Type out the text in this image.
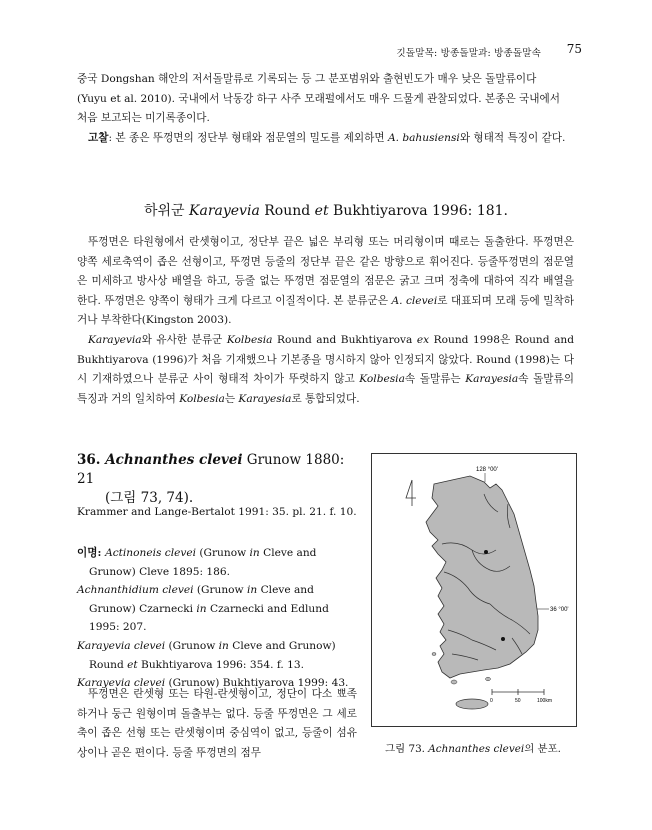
깃돌말목: 방종돌말과: 방종돌말속 75
중국 Dongshan 해안의 저서돌말류로 기록되는 등 그 분포범위와 출현빈도가 매우 낮은 돌말류이다
(Yuyu et al. 2010). 국내에서 낙동강 하구 사주 모래펄에서도 매우 드물게 관찰되었다. 본종은 국내에서
처음 보고되는 미기록종이다.
고찰: 본 종은 뚜껑면의 정단부 형태와 점문열의 밀도를 제외하면 A. bahusiensi와 형태적 특징이 같다.
하위군 Karayevia Round et Bukhtiyarova 1996: 181.
뚜껑면은 타원형에서 란셋형이고, 정단부 끝은 넓은 부리형 또는 머리형이며 때로는 돌출한다. 뚜껑면은 양쪽 세로축역이 좁은 선형이고, 뚜껑면 등줄의 정단부 끝은 같은 방향으로 휘어진다. 등줄뚜껑면의 점문열은 미세하고 방사상 배열을 하고, 등줄 없는 뚜껑면 점문열의 점문은 굵고 크며 정축에 대하여 직각 배열을 한다. 뚜껑면은 양쪽이 형태가 크게 다르고 이질적이다. 본 분류군은 A. clevei로 대표되며 모래 등에 밀착하거나 부착한다(Kingston 2003).
Karayevia와 유사한 분류군 Kolbesia Round and Bukhtiyarova ex Round 1998은 Round and Bukhtiyarova (1996)가 처음 기재했으나 기본종을 명시하지 않아 인정되지 않았다. Round (1998)는 다시 기재하였으나 분류군 사이 형태적 차이가 뚜렷하지 않고 Kolbesia속 돌말류는 Karayesia속 돌말류의 특징과 거의 일치하여 Kolbesia는 Karayesia로 통합되었다.
36. Achnanthes clevei Grunow 1880: 21
(그림 73, 74).
Krammer and Lange-Bertalot 1991: 35. pl. 21. f. 10.

이명: Actinoneis clevei (Grunow in Cleve and Grunow) Cleve 1895: 186.

Achnanthidium clevei (Grunow in Cleve and Grunow) Czarnecki in Czarnecki and Edlund 1995: 207.

Karayevia clevei (Grunow in Cleve and Grunow) Round et Bukhtiyarova 1996: 354. f. 13.

Karayevia clevei (Grunow) Bukhtiyarova 1999: 43.

뚜껑면은 란셋형 또는 타원-란셋형이고, 정단이 다소 뾰족하거나 둥근 원형이며 돌출부는 없다. 등줄 뚜껑면은 그 세로축이 좁은 선형 또는 란셋형이며 중심역이 없고, 등줄이 섬유상이나 곧은 편이다. 등줄 뚜껑면의 점무
128 °00'
36 °00'
0	50	100km
그림 73. Achnanthes clevei의 분포.
